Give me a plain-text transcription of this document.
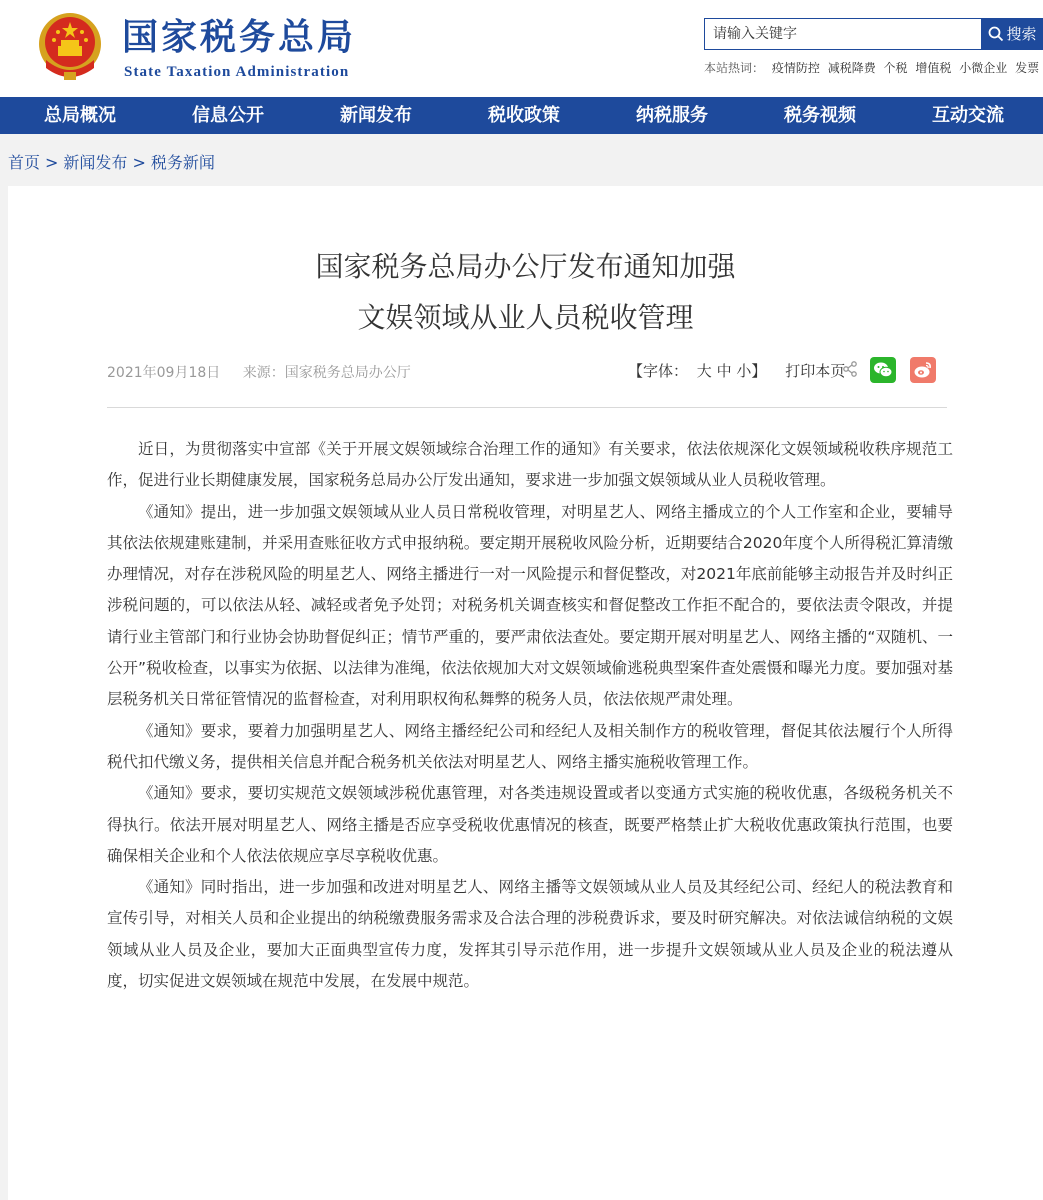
国家税务总局
State Taxation Administration
请输入关键字	搜索
本站热词： 疫情防控 减税降费 个税 增值税 小微企业 发票
总局概况	信息公开	新闻发布	税收政策	纳税服务	税务视频	互动交流
首页 > 新闻发布 > 税务新闻
国家税务总局办公厅发布通知加强
文娱领域从业人员税收管理
2021年09月18日 来源：国家税务总局办公厅	【字体： 大 中 小】 打印本页

近日，为贯彻落实中宣部《关于开展文娱领域综合治理工作的通知》有关要求，依法依规深化文娱领域税收秩序规范工作，促进行业长期健康发展，国家税务总局办公厅发出通知，要求进一步加强文娱领域从业人员税收管理。

《通知》提出，进一步加强文娱领域从业人员日常税收管理，对明星艺人、网络主播成立的个人工作室和企业，要辅导其依法依规建账建制，并采用查账征收方式申报纳税。要定期开展税收风险分析，近期要结合2020年度个人所得税汇算清缴办理情况，对存在涉税风险的明星艺人、网络主播进行一对一风险提示和督促整改，对2021年底前能够主动报告并及时纠正涉税问题的，可以依法从轻、减轻或者免予处罚；对税务机关调查核实和督促整改工作拒不配合的，要依法责令限改，并提请行业主管部门和行业协会协助督促纠正；情节严重的，要严肃依法查处。要定期开展对明星艺人、网络主播的“双随机、一公开”税收检查，以事实为依据、以法律为准绳，依法依规加大对文娱领域偷逃税典型案件查处震慑和曝光力度。要加强对基层税务机关日常征管情况的监督检查，对利用职权徇私舞弊的税务人员，依法依规严肃处理。

《通知》要求，要着力加强明星艺人、网络主播经纪公司和经纪人及相关制作方的税收管理，督促其依法履行个人所得税代扣代缴义务，提供相关信息并配合税务机关依法对明星艺人、网络主播实施税收管理工作。

《通知》要求，要切实规范文娱领域涉税优惠管理，对各类违规设置或者以变通方式实施的税收优惠，各级税务机关不得执行。依法开展对明星艺人、网络主播是否应享受税收优惠情况的核查，既要严格禁止扩大税收优惠政策执行范围，也要确保相关企业和个人依法依规应享尽享税收优惠。

《通知》同时指出，进一步加强和改进对明星艺人、网络主播等文娱领域从业人员及其经纪公司、经纪人的税法教育和宣传引导，对相关人员和企业提出的纳税缴费服务需求及合法合理的涉税费诉求，要及时研究解决。对依法诚信纳税的文娱领域从业人员及企业，要加大正面典型宣传力度，发挥其引导示范作用，进一步提升文娱领域从业人员及企业的税法遵从度，切实促进文娱领域在规范中发展，在发展中规范。
